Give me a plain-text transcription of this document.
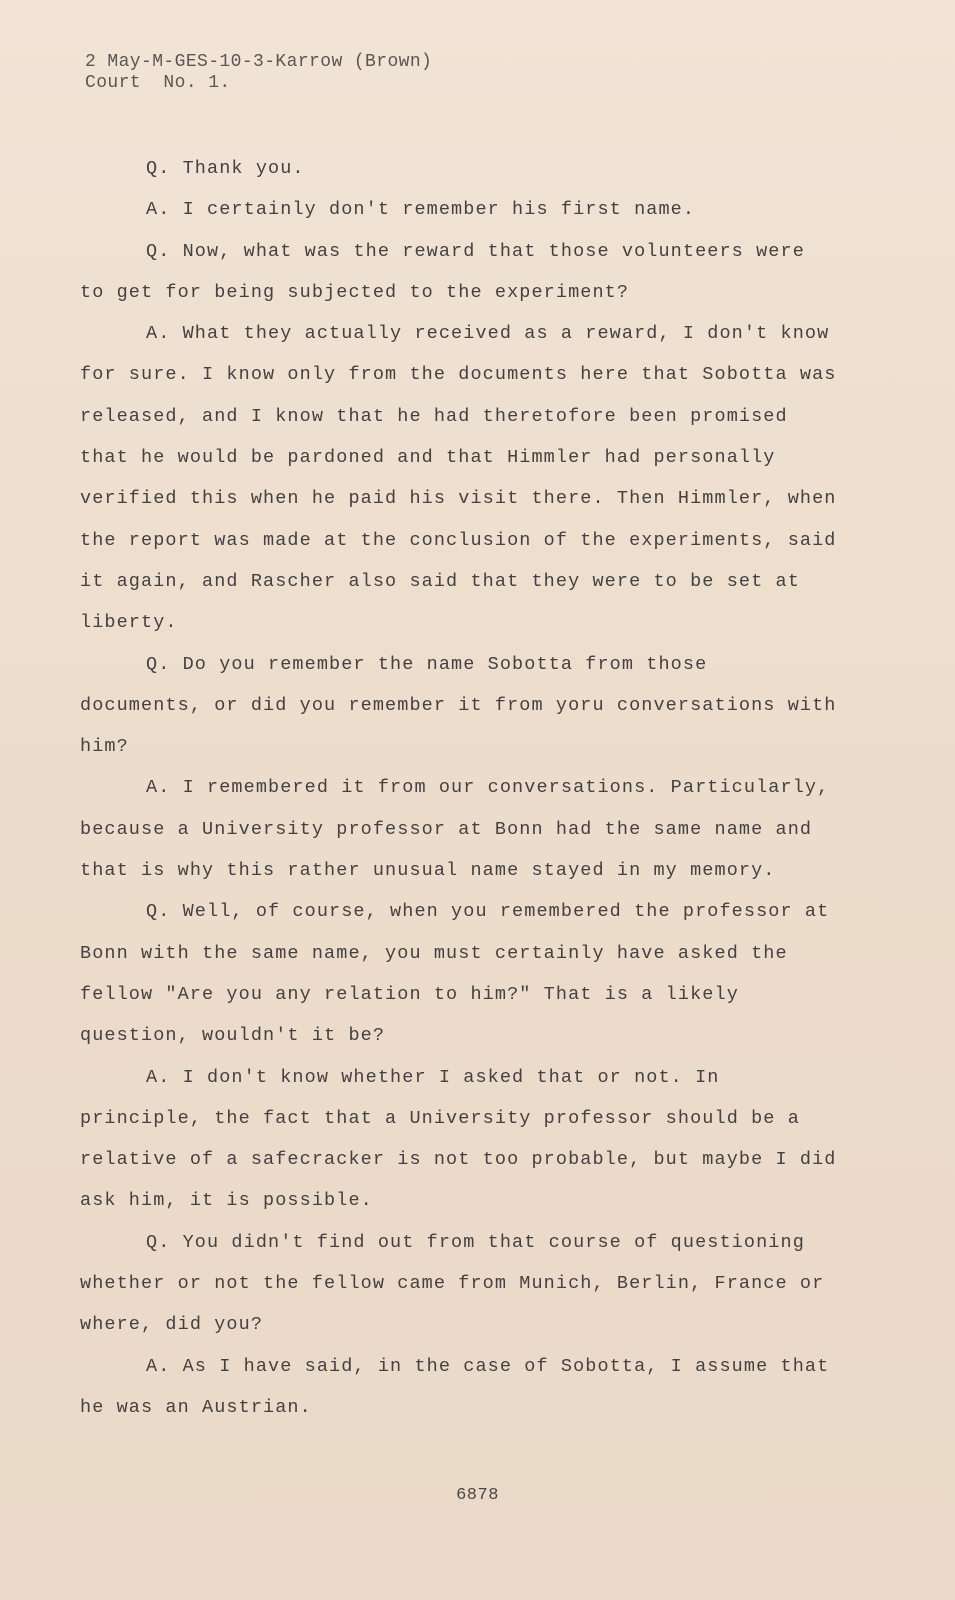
2 May-M-GES-10-3-Karrow (Brown)
Court  No. 1.

Q. Thank you.

A. I certainly don't remember his first name.

Q. Now, what was the reward that those volunteers were to get for being subjected to the experiment?

A. What they actually received as a reward, I don't know for sure. I know only from the documents here that Sobotta was released, and I know that he had theretofore been promised that he would be pardoned and that Himmler had personally verified this when he paid his visit there. Then Himmler, when the report was made at the conclusion of the experiments, said it again, and Rascher also said that they were to be set at liberty.

Q. Do you remember the name Sobotta from those documents, or did you remember it from yoru conversations with him?

A. I remembered it from our conversations. Particularly, because a University professor at Bonn had the same name and that is why this rather unusual name stayed in my memory.

Q. Well, of course, when you remembered the professor at Bonn with the same name, you must certainly have asked the fellow "Are you any relation to him?" That is a likely question, wouldn't it be?

A. I don't know whether I asked that or not. In principle, the fact that a University professor should be a relative of a safecracker is not too probable, but maybe I did ask him, it is possible.

Q. You didn't find out from that course of questioning whether or not the fellow came from Munich, Berlin, France or where, did you?

A. As I have said, in the case of Sobotta, I assume that he was an Austrian.

6878
